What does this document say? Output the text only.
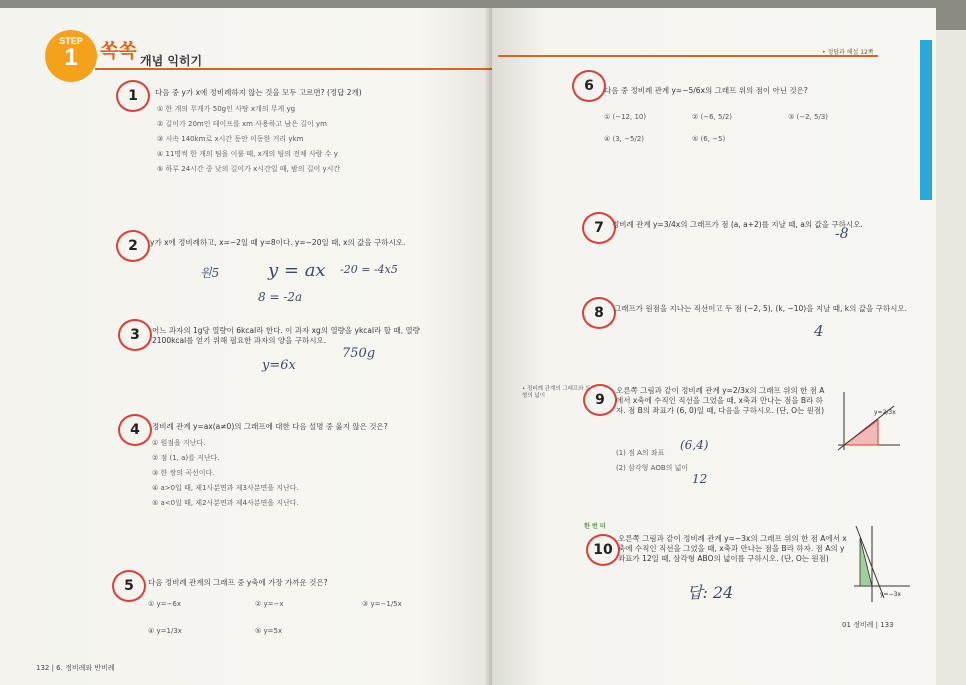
STEP
1	쏙쏙 개념 익히기
1	다음 중 y가 x에 정비례하지 않는 것을 모두 고르면? (정답 2개)
① 한 개의 무게가 50g인 사탕 x개의 무게 yg
② 길이가 20m인 테이프를 xm 사용하고 남은 길이 ym
③ 시속 140km로 x시간 동안 이동한 거리 ykm
④ 11명씩 한 개의 팀을 이룰 때, x개의 팀의 전체 사람 수 y
⑤ 하루 24시간 중 낮의 길이가 x시간일 때, 밤의 길이 y시간
2	y가 x에 정비례하고, x=−2일 때 y=8이다. y=−20일 때, x의 값을 구하시오.
원5	y = ax -20 = -4x5
8 = -2a
3	어느 과자의 1g당 열량이 6kcal라 한다. 이 과자 xg의 열량을 ykcal라 할 때, 열량 2100kcal를 얻기 위해 필요한 과자의 양을 구하시오.
750g
y=6x
4	정비례 관계 y=ax(a≠0)의 그래프에 대한 다음 설명 중 옳지 않은 것은?
① 원점을 지난다.
② 점 (1, a)를 지난다.
③ 한 쌍의 곡선이다.
④ a>0일 때, 제1사분면과 제3사분면을 지난다.
⑤ a<0일 때, 제2사분면과 제4사분면을 지난다.
5	다음 정비례 관계의 그래프 중 y축에 가장 가까운 것은?
① y=−6x	② y=−x	③ y=−1/5x
④ y=1/3x	⑤ y=5x
132 | 6. 정비례와 반비례
• 정답과 해설 12쪽
6	다음 중 정비례 관계 y=−5/6x의 그래프 위의 점이 아닌 것은?
① (−12, 10)	② (−6, 5/2)	③ (−2, 5/3)
④ (3, −5/2)	⑤ (6, −5)
7	정비례 관계 y=3/4x의 그래프가 점 (a, a+2)를 지날 때, a의 값을 구하시오.
-8
8	그래프가 원점을 지나는 직선이고 두 점 (−2, 5), (k, −10)을 지날 때, k의 값을 구하시오.
4
• 정비례 관계의 그래프와 도형의 넓이	9
오른쪽 그림과 같이 정비례 관계 y=2/3x의 그래프 위의 한 점 A에서 x축에 수직인 직선을 그었을 때, x축과 만나는 점을 B라 하자. 점 B의 좌표가 (6, 0)일 때, 다음을 구하시오. (단, O는 원점)
(1) 점 A의 좌표
(2) 삼각형 AOB의 넓이
(6,4)
12
y=2/3x
10
한 번 더
오른쪽 그림과 같이 정비례 관계 y=−3x의 그래프 위의 한 점 A에서 x축에 수직인 직선을 그었을 때, x축과 만나는 점을 B라 하자. 점 A의 y좌표가 12일 때, 삼각형 ABO의 넓이를 구하시오. (단, O는 원점)
답: 24	y=−3x
01 정비례 | 133
